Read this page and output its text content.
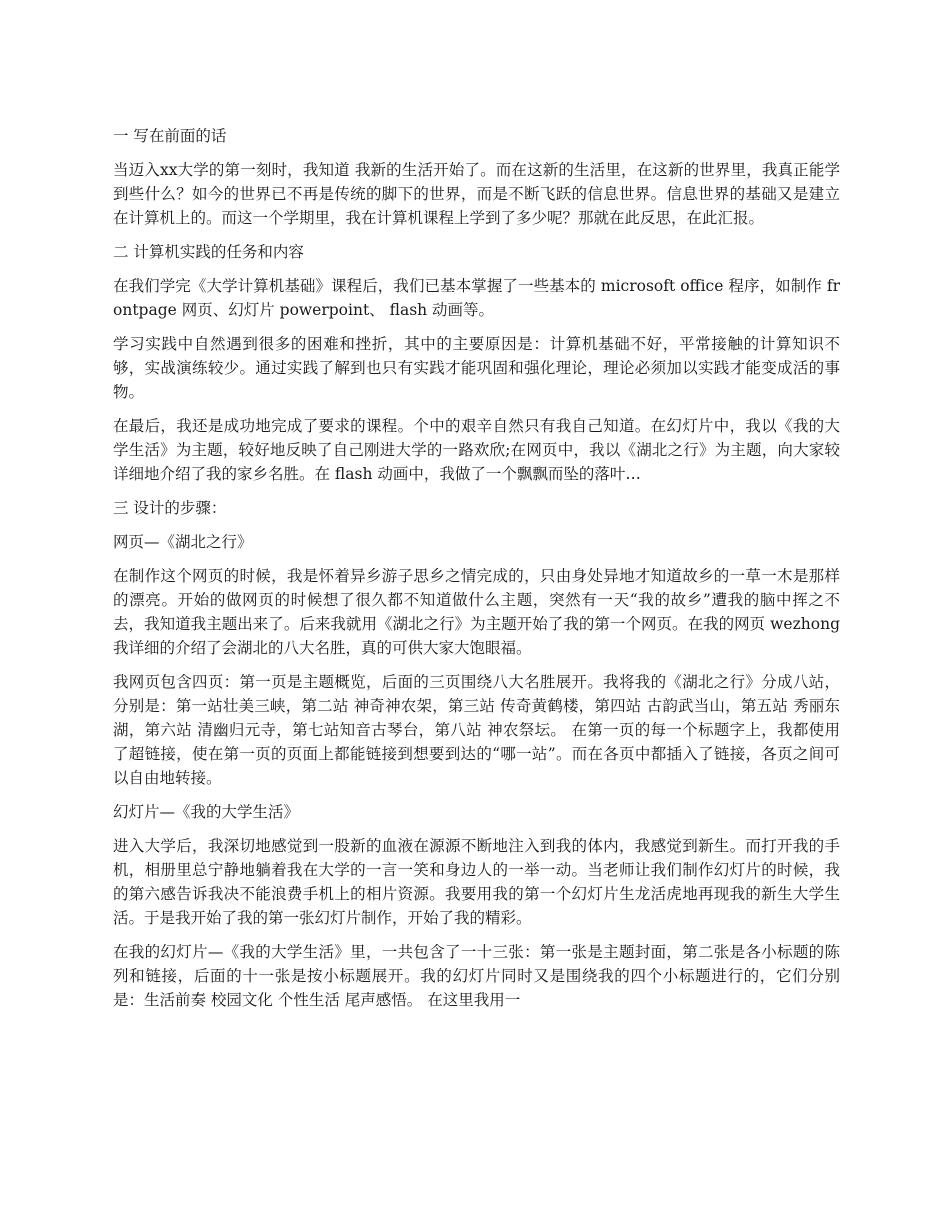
一 写在前面的话

当迈入xx大学的第一刻时，我知道 我新的生活开始了。而在这新的生活里，在这新的世界里，我真正能学到些什么？如今的世界已不再是传统的脚下的世界，而是不断飞跃的信息世界。信息世界的基础又是建立在计算机上的。而这一个学期里，我在计算机课程上学到了多少呢？那就在此反思，在此汇报。

二 计算机实践的任务和内容

在我们学完《大学计算机基础》课程后，我们已基本掌握了一些基本的 microsoft office 程序，如制作 frontpage 网页、幻灯片 powerpoint、 flash 动画等。

学习实践中自然遇到很多的困难和挫折，其中的主要原因是：计算机基础不好，平常接触的计算知识不够，实战演练较少。通过实践了解到也只有实践才能巩固和强化理论，理论必须加以实践才能变成活的事物。

在最后，我还是成功地完成了要求的课程。个中的艰辛自然只有我自己知道。在幻灯片中，我以《我的大学生活》为主题，较好地反映了自己刚进大学的一路欢欣;在网页中，我以《湖北之行》为主题，向大家较详细地介绍了我的家乡名胜。在 flash 动画中，我做了一个飘飘而坠的落叶…

三 设计的步骤：

网页—《湖北之行》

在制作这个网页的时候，我是怀着异乡游子思乡之情完成的，只由身处异地才知道故乡的一草一木是那样的漂亮。开始的做网页的时候想了很久都不知道做什么主题，突然有一天“我的故乡”遭我的脑中挥之不去，我知道我主题出来了。后来我就用《湖北之行》为主题开始了我的第一个网页。在我的网页 wezhong 我详细的介绍了会湖北的八大名胜，真的可供大家大饱眼福。

我网页包含四页：第一页是主题概览，后面的三页围绕八大名胜展开。我将我的《湖北之行》分成八站，分别是：第一站壮美三峡，第二站 神奇神农架，第三站 传奇黄鹤楼，第四站 古韵武当山，第五站 秀丽东湖，第六站 清幽归元寺，第七站知音古琴台，第八站 神农祭坛。 在第一页的每一个标题字上，我都使用了超链接，使在第一页的页面上都能链接到想要到达的“哪一站”。而在各页中都插入了链接，各页之间可以自由地转接。

幻灯片—《我的大学生活》

进入大学后，我深切地感觉到一股新的血液在源源不断地注入到我的体内，我感觉到新生。而打开我的手机，相册里总宁静地躺着我在大学的一言一笑和身边人的一举一动。当老师让我们制作幻灯片的时候，我的第六感告诉我决不能浪费手机上的相片资源。我要用我的第一个幻灯片生龙活虎地再现我的新生大学生活。于是我开始了我的第一张幻灯片制作，开始了我的精彩。

在我的幻灯片—《我的大学生活》里，一共包含了一十三张：第一张是主题封面，第二张是各小标题的陈列和链接，后面的十一张是按小标题展开。我的幻灯片同时又是围绕我的四个小标题进行的，它们分别是：生活前奏 校园文化 个性生活 尾声感悟。 在这里我用一
